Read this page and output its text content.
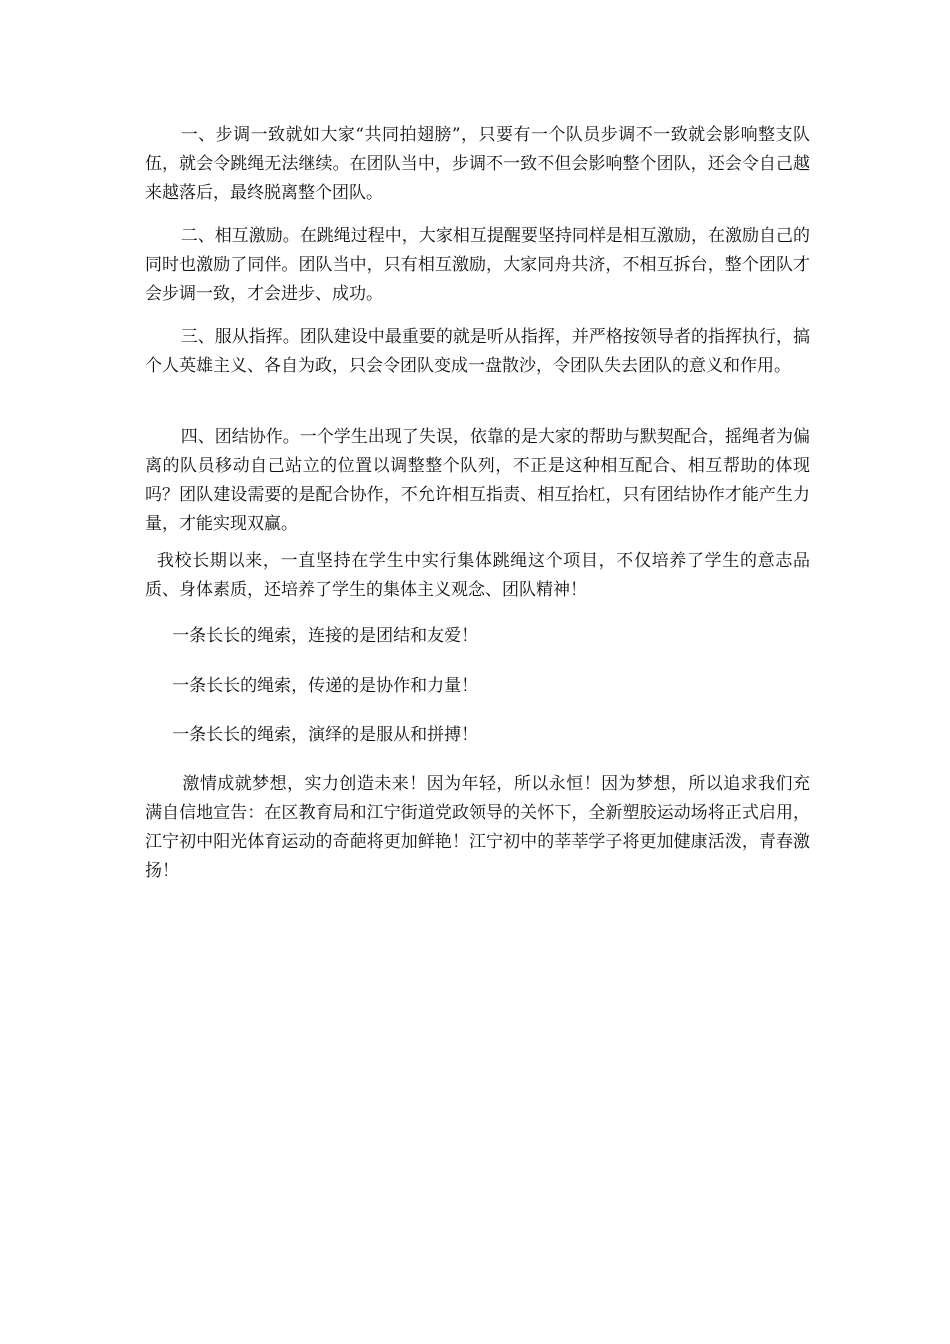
一、步调一致就如大家“共同拍翅膀”，只要有一个队员步调不一致就会影响整支队伍，就会令跳绳无法继续。在团队当中，步调不一致不但会影响整个团队，还会令自己越来越落后，最终脱离整个团队。

二、相互激励。在跳绳过程中，大家相互提醒要坚持同样是相互激励，在激励自己的同时也激励了同伴。团队当中，只有相互激励，大家同舟共济，不相互拆台，整个团队才会步调一致，才会进步、成功。

三、服从指挥。团队建设中最重要的就是听从指挥，并严格按领导者的指挥执行，搞个人英雄主义、各自为政，只会令团队变成一盘散沙，令团队失去团队的意义和作用。

四、团结协作。一个学生出现了失误，依靠的是大家的帮助与默契配合，摇绳者为偏离的队员移动自己站立的位置以调整整个队列，不正是这种相互配合、相互帮助的体现吗？团队建设需要的是配合协作，不允许相互指责、相互抬杠，只有团结协作才能产生力量，才能实现双赢。

我校长期以来，一直坚持在学生中实行集体跳绳这个项目，不仅培养了学生的意志品质、身体素质，还培养了学生的集体主义观念、团队精神！

一条长长的绳索，连接的是团结和友爱！

一条长长的绳索，传递的是协作和力量！

一条长长的绳索，演绎的是服从和拼搏！

激情成就梦想，实力创造未来！因为年轻，所以永恒！因为梦想，所以追求我们充满自信地宣告：在区教育局和江宁街道党政领导的关怀下，全新塑胶运动场将正式启用，江宁初中阳光体育运动的奇葩将更加鲜艳！江宁初中的莘莘学子将更加健康活泼，青春激扬！
